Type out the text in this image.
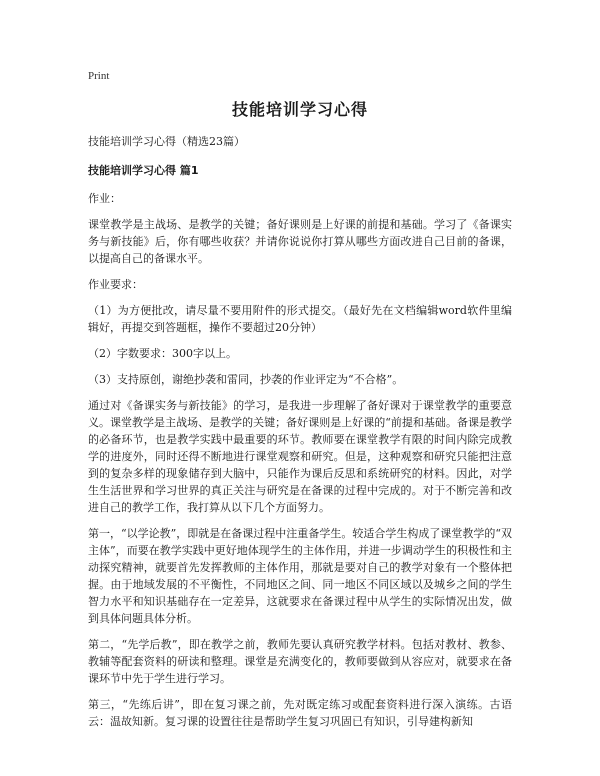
Print
技能培训学习心得

技能培训学习心得（精选23篇）

技能培训学习心得 篇1

作业：

课堂教学是主战场、是教学的关键；备好课则是上好课的前提和基础。学习了《备课实务与新技能》后，你有哪些收获？并请你说说你打算从哪些方面改进自己目前的备课，以提高自己的备课水平。

作业要求：

（1）为方便批改，请尽量不要用附件的形式提交。（最好先在文档编辑word软件里编辑好，再提交到答题框，操作不要超过20分钟）

（2）字数要求：300字以上。

（3）支持原创，谢绝抄袭和雷同，抄袭的作业评定为“不合格”。

通过对《备课实务与新技能》的学习，是我进一步理解了备好课对于课堂教学的重要意义。课堂教学是主战场、是教学的关键；备好课则是上好课的“前提和基础。备课是教学的必备环节，也是教学实践中最重要的环节。教师要在课堂教学有限的时间内除完成教学的进度外，同时还得不断地进行课堂观察和研究。但是，这种观察和研究只能把注意到的复杂多样的现象储存到大脑中，只能作为课后反思和系统研究的材料。因此，对学生生活世界和学习世界的真正关注与研究是在备课的过程中完成的。对于不断完善和改进自己的教学工作，我打算从以下几个方面努力。

第一，“以学论教”，即就是在备课过程中注重备学生。较适合学生构成了课堂教学的“双主体”，而要在教学实践中更好地体现学生的主体作用，并进一步调动学生的积极性和主动探究精神，就要首先发挥教师的主体作用，那就是要对自己的教学对象有一个整体把握。由于地域发展的不平衡性，不同地区之间、同一地区不同区域以及城乡之间的学生智力水平和知识基础存在一定差异，这就要求在备课过程中从学生的实际情况出发，做到具体问题具体分析。

第二，“先学后教”，即在教学之前，教师先要认真研究教学材料。包括对教材、教参、教辅等配套资料的研读和整理。课堂是充满变化的，教师要做到从容应对，就要求在备课环节中先于学生进行学习。

第三，“先练后讲”，即在复习课之前，先对既定练习或配套资料进行深入演练。古语云：温故知新。复习课的设置往往是帮助学生复习巩固已有知识，引导建构新知
